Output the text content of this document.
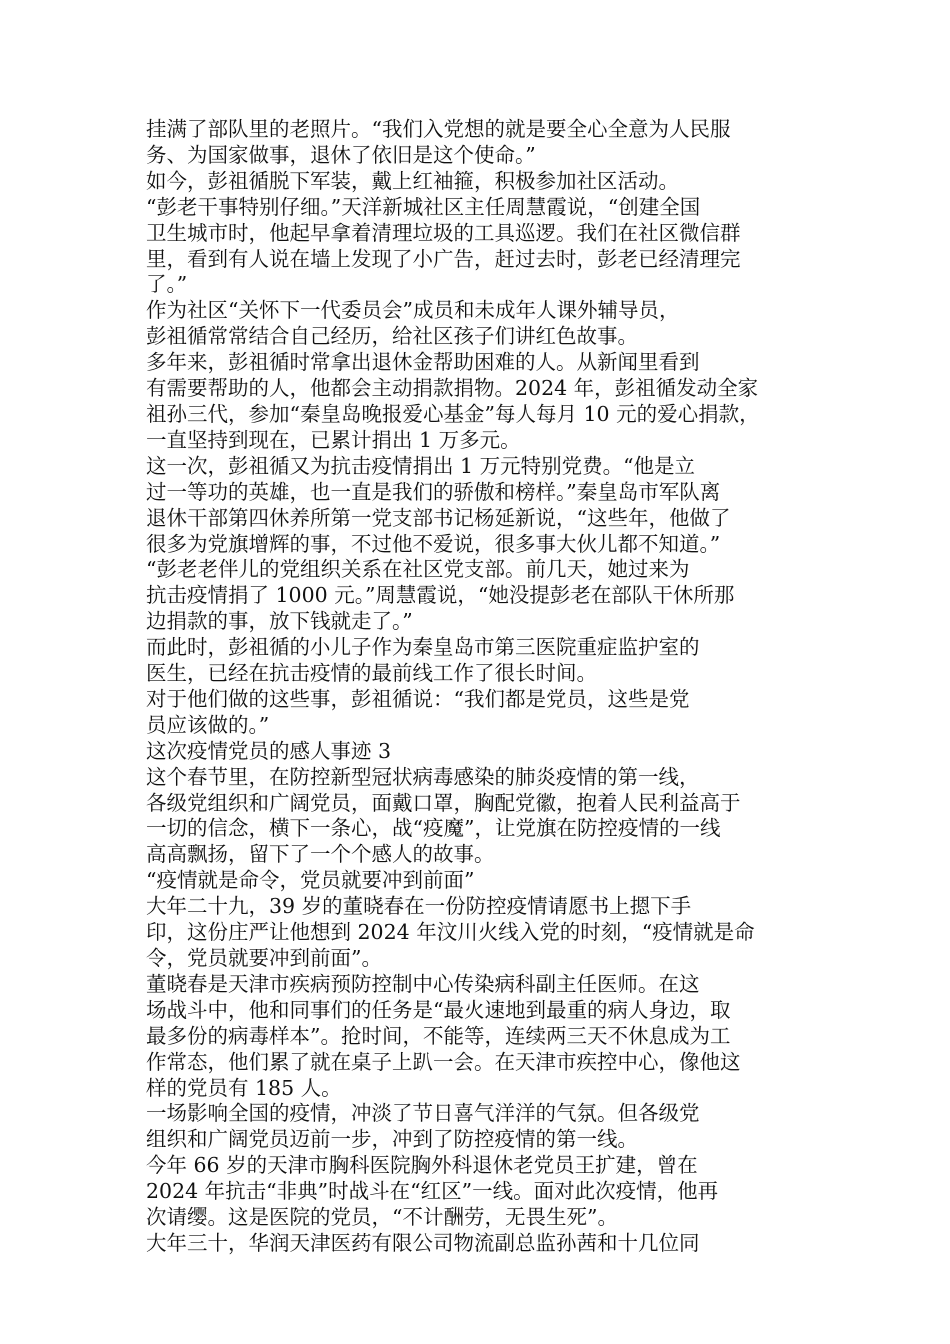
挂满了部队里的老照片。“我们入党想的就是要全心全意为人民服
务、为国家做事，退休了依旧是这个使命。”

如今，彭祖循脱下军装，戴上红袖箍，积极参加社区活动。
“彭老干事特别仔细。”天洋新城社区主任周慧霞说，“创建全国
卫生城市时，他起早拿着清理垃圾的工具巡逻。我们在社区微信群
里，看到有人说在墙上发现了小广告，赶过去时，彭老已经清理完
了。”

作为社区“关怀下一代委员会”成员和未成年人课外辅导员，
彭祖循常常结合自己经历，给社区孩子们讲红色故事。

多年来，彭祖循时常拿出退休金帮助困难的人。从新闻里看到
有需要帮助的人，他都会主动捐款捐物。2024 年，彭祖循发动全家
祖孙三代，参加“秦皇岛晚报爱心基金”每人每月 10 元的爱心捐款，
一直坚持到现在，已累计捐出 1 万多元。

这一次，彭祖循又为抗击疫情捐出 1 万元特别党费。“他是立
过一等功的英雄，也一直是我们的骄傲和榜样。”秦皇岛市军队离
退休干部第四休养所第一党支部书记杨延新说，“这些年，他做了
很多为党旗增辉的事，不过他不爱说，很多事大伙儿都不知道。”

“彭老老伴儿的党组织关系在社区党支部。前几天，她过来为
抗击疫情捐了 1000 元。”周慧霞说，“她没提彭老在部队干休所那
边捐款的事，放下钱就走了。”

而此时，彭祖循的小儿子作为秦皇岛市第三医院重症监护室的
医生，已经在抗击疫情的最前线工作了很长时间。

对于他们做的这些事，彭祖循说：“我们都是党员，这些是党
员应该做的。”

这次疫情党员的感人事迹 3

这个春节里，在防控新型冠状病毒感染的肺炎疫情的第一线，
各级党组织和广阔党员，面戴口罩，胸配党徽，抱着人民利益高于
一切的信念，横下一条心，战“疫魔”，让党旗在防控疫情的一线
高高飘扬，留下了一个个感人的故事。

“疫情就是命令，党员就要冲到前面”

大年二十九，39 岁的董晓春在一份防控疫情请愿书上摁下手
印，这份庄严让他想到 2024 年汶川火线入党的时刻，“疫情就是命
令，党员就要冲到前面”。

董晓春是天津市疾病预防控制中心传染病科副主任医师。在这
场战斗中，他和同事们的任务是“最火速地到最重的病人身边，取
最多份的病毒样本”。抢时间，不能等，连续两三天不休息成为工
作常态，他们累了就在桌子上趴一会。在天津市疾控中心，像他这
样的党员有 185 人。

一场影响全国的疫情，冲淡了节日喜气洋洋的气氛。但各级党
组织和广阔党员迈前一步，冲到了防控疫情的第一线。

今年 66 岁的天津市胸科医院胸外科退休老党员王扩建，曾在
2024 年抗击“非典”时战斗在“红区”一线。面对此次疫情，他再
次请缨。这是医院的党员，“不计酬劳，无畏生死”。

大年三十，华润天津医药有限公司物流副总监孙茜和十几位同
